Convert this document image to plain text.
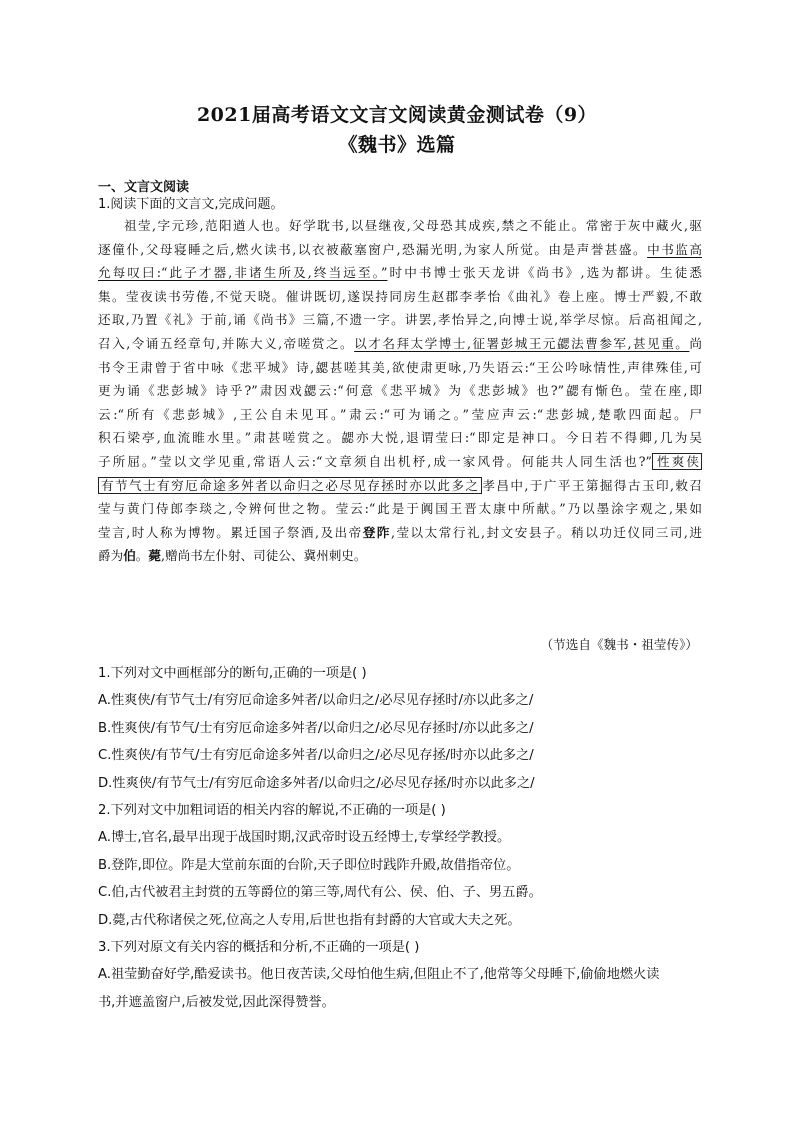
2021届高考语文文言文阅读黄金测试卷（9）
《魏书》选篇
一、文言文阅读
1.阅读下面的文言文,完成问题。
祖莹,字元珍,范阳遒人也。好学耽书,以昼继夜,父母恐其成疾,禁之不能止。常密于灰中藏火,驱
逐僮仆,父母寝睡之后,燃火读书,以衣被蔽塞窗户,恐漏光明,为家人所觉。由是声誉甚盛。中书监高
允每叹曰:“此子才器,非诸生所及,终当远至。”时中书博士张天龙讲《尚书》,选为都讲。生徒悉
集。莹夜读书劳倦,不觉天晓。催讲既切,遂误持同房生赵郡李孝怡《曲礼》卷上座。博士严毅,不敢
还取,乃置《礼》于前,诵《尚书》三篇,不遗一字。讲罢,孝怡异之,向博士说,举学尽惊。后高祖闻之,
召入,令诵五经章句,并陈大义,帝嗟赏之。以才名拜太学博士,征署彭城王元勰法曹参军,甚见重。尚
书令王肃曾于省中咏《悲平城》诗,勰甚嗟其美,欲使肃更咏,乃失语云:“王公吟咏情性,声律殊佳,可
更为诵《悲彭城》诗乎?”肃因戏勰云:“何意《悲平城》为《悲彭城》也?”勰有惭色。莹在座,即
云:“所有《悲彭城》,王公自未见耳。”肃云:“可为诵之。”莹应声云:“悲彭城,楚歌四面起。尸
积石梁亭,血流睢水里。”肃甚嗟赏之。勰亦大悦,退谓莹曰:“即定是神口。今日若不得卿,几为吴
子所屈。”莹以文学见重,常语人云:“文章须自出机杼,成一家风骨。何能共人同生活也?” 性爽侠
有节气士有穷厄命途多舛者以命归之必尽见存拯时亦以此多之 孝昌中,于广平王第掘得古玉印,敕召
莹与黄门侍郎李琰之,令辨何世之物。莹云:“此是于阗国王晋太康中所献。”乃以墨涂字观之,果如
莹言,时人称为博物。累迁国子祭酒,及出帝登阼,莹以太常行礼,封文安县子。稍以功迁仪同三司,进
爵为伯。薨,赠尚书左仆射、司徒公、冀州刺史。
（节选自《魏书・祖莹传》）
1.下列对文中画框部分的断句,正确的一项是( )
A.性爽侠/有节气士/有穷厄命途多舛者/以命归之/必尽见存拯时/亦以此多之/
B.性爽侠/有节气/士有穷厄命途多舛者/以命归之/必尽见存拯时/亦以此多之/
C.性爽侠/有节气/士有穷厄命途多舛者/以命归之/必尽见存拯/时亦以此多之/
D.性爽侠/有节气士/有穷厄命途多舛者/以命归之/必尽见存拯/时亦以此多之/
2.下列对文中加粗词语的相关内容的解说,不正确的一项是( )
A.博士,官名,最早出现于战国时期,汉武帝时设五经博士,专掌经学教授。
B.登阼,即位。阼是大堂前东面的台阶,天子即位时践阼升殿,故借指帝位。
C.伯,古代被君主封赏的五等爵位的第三等,周代有公、侯、伯、子、男五爵。
D.薨,古代称诸侯之死,位高之人专用,后世也指有封爵的大官或大夫之死。
3.下列对原文有关内容的概括和分析,不正确的一项是( )
A.祖莹勤奋好学,酷爱读书。他日夜苦读,父母怕他生病,但阻止不了,他常等父母睡下,偷偷地燃火读
书,并遮盖窗户,后被发觉,因此深得赞誉。
